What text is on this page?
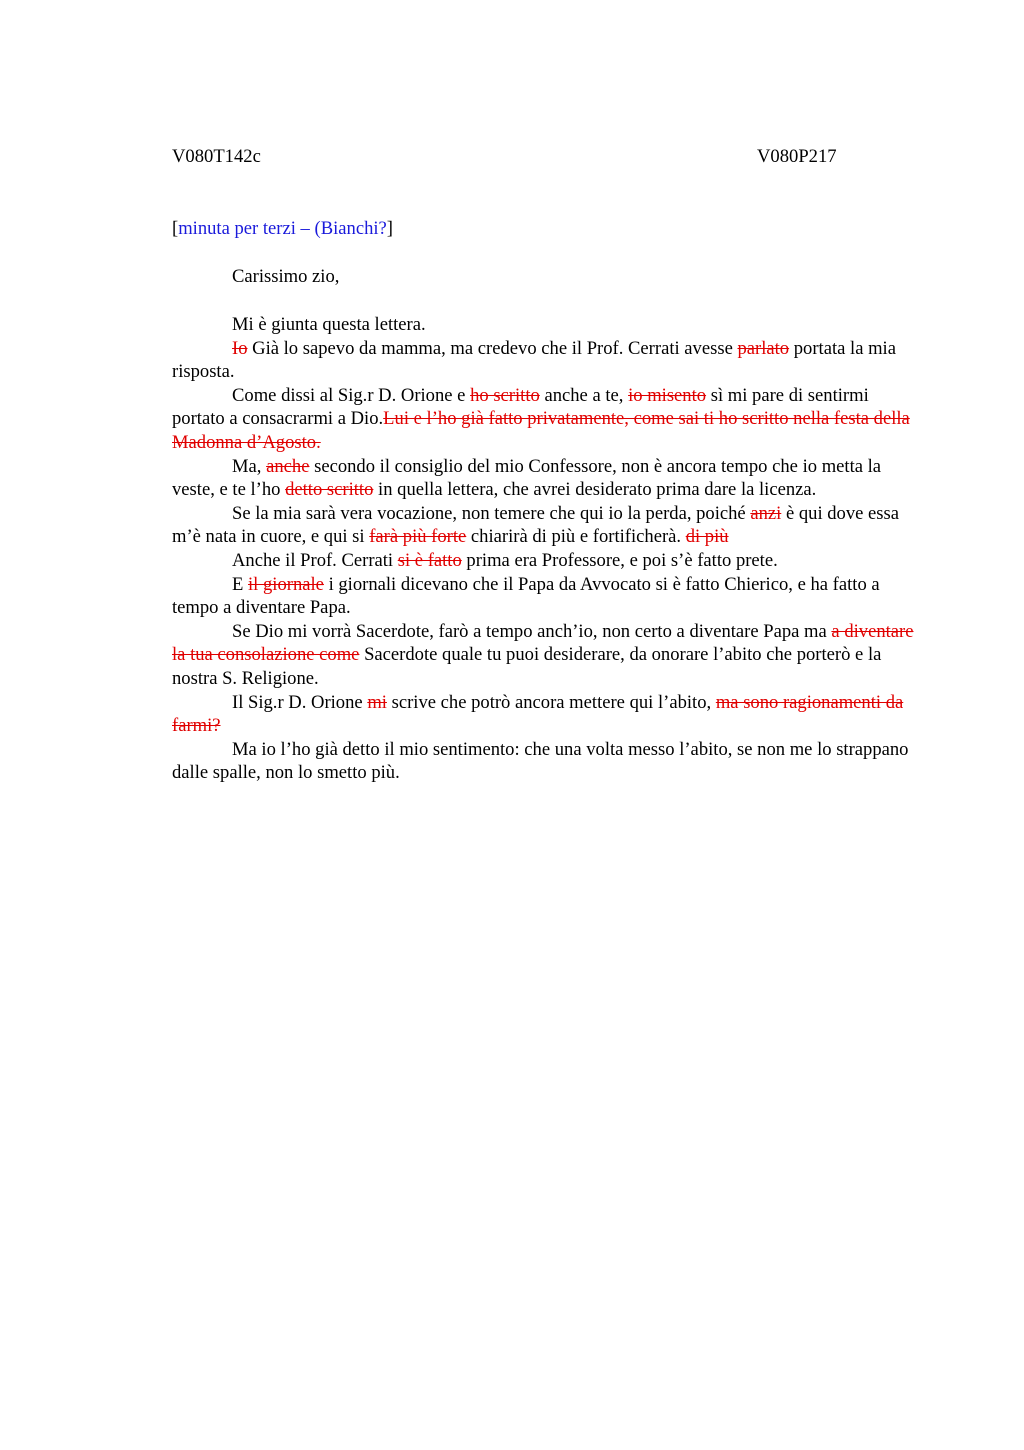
V080T142c	V080P217
[minuta per terzi – (Bianchi?]
Carissimo zio,

Mi è giunta questa lettera.

Io Già lo sapevo da mamma, ma credevo che il Prof. Cerrati avesse parlato portata la mia risposta.

Come dissi al Sig.r D. Orione e ho scritto anche a te, io misento sì mi pare di sentirmi portato a consacrarmi a Dio.Lui e l’ho già fatto privatamente, come sai ti ho scritto nella festa della Madonna d’Agosto.

Ma, anche secondo il consiglio del mio Confessore, non è ancora tempo che io metta la veste, e te l’ho detto scritto in quella lettera, che avrei desiderato prima dare la licenza.

Se la mia sarà vera vocazione, non temere che qui io la perda, poiché anzi è qui dove essa m’è nata in cuore, e qui si farà più forte chiarirà di più e fortificherà. di più

Anche il Prof. Cerrati si è fatto prima era Professore, e poi s’è fatto prete.

E il giornale i giornali dicevano che il Papa da Avvocato si è fatto Chierico, e ha fatto a tempo a diventare Papa.

Se Dio mi vorrà Sacerdote, farò a tempo anch’io, non certo a diventare Papa ma a diventare la tua consolazione come Sacerdote quale tu puoi desiderare, da onorare l’abito che porterò e la nostra S. Religione.

Il Sig.r D. Orione mi scrive che potrò ancora mettere qui l’abito, ma sono ragionamenti da farmi?

Ma io l’ho già detto il mio sentimento: che una volta messo l’abito, se non me lo strappano dalle spalle, non lo smetto più.
